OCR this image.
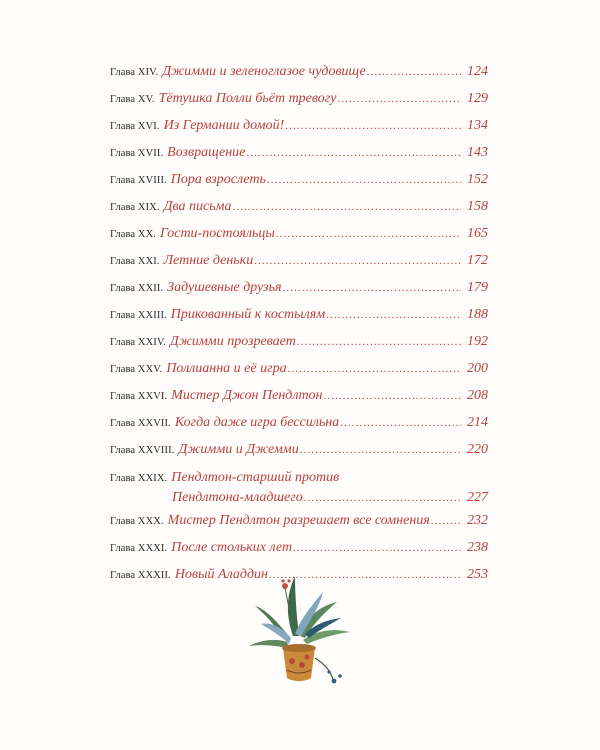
Глава XIV. Джимми и зеленоглазое чудовище .....	124
Глава XV. Тётушка Полли бьёт тревогу .....	129
Глава XVI. Из Германии домой! .....	134
Глава XVII. Возвращение .....	143
Глава XVIII. Пора взрослеть .....	152
Глава XIX. Два письма .....	158
Глава XX. Гости-постояльцы .....	165
Глава XXI. Летние деньки .....	172
Глава XXII. Задушевные друзья .....	179
Глава XXIII. Прикованный к костылям .....	188
Глава XXIV. Джимми прозревает .....	192
Глава XXV. Поллианна и её игра .....	200
Глава XXVI. Мистер Джон Пендлтон .....	208
Глава XXVII. Когда даже игра бессильна .....	214
Глава XXVIII. Джимми и Джемми .....	220
Глава XXIX. Пендлтон-старший против
Пендлтона-младшего .....	227
Глава XXX. Мистер Пендлтон разрешает все сомнения .....	232
Глава XXXI. После стольких лет .....	238
Глава XXXII. Новый Аладдин .....	253
